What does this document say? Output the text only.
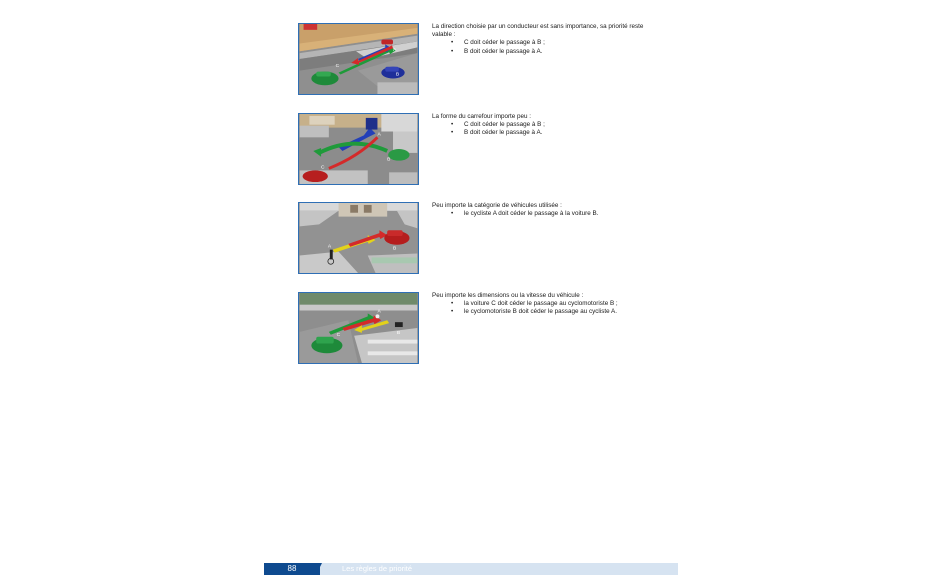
C
A
B

La direction choisie par un conducteur est sans importance, sa priorité reste valable :

• C doit céder le passage à B ;
• B doit céder le passage à A.
C
A
B

La forme du carrefour importe peu :

• C doit céder le passage à B ;
• B doit céder le passage à A.
A	B

Peu importe la catégorie de véhicules utilisée :

• le cycliste A doit céder le passage à la voiture B.
C
A
B

Peu importe les dimensions ou la vitesse du véhicule :

• la voiture C doit céder le passage au cyclomotoriste B ;
• le cyclomotoriste B doit céder le passage au cycliste A.
88	Les règles de priorité
